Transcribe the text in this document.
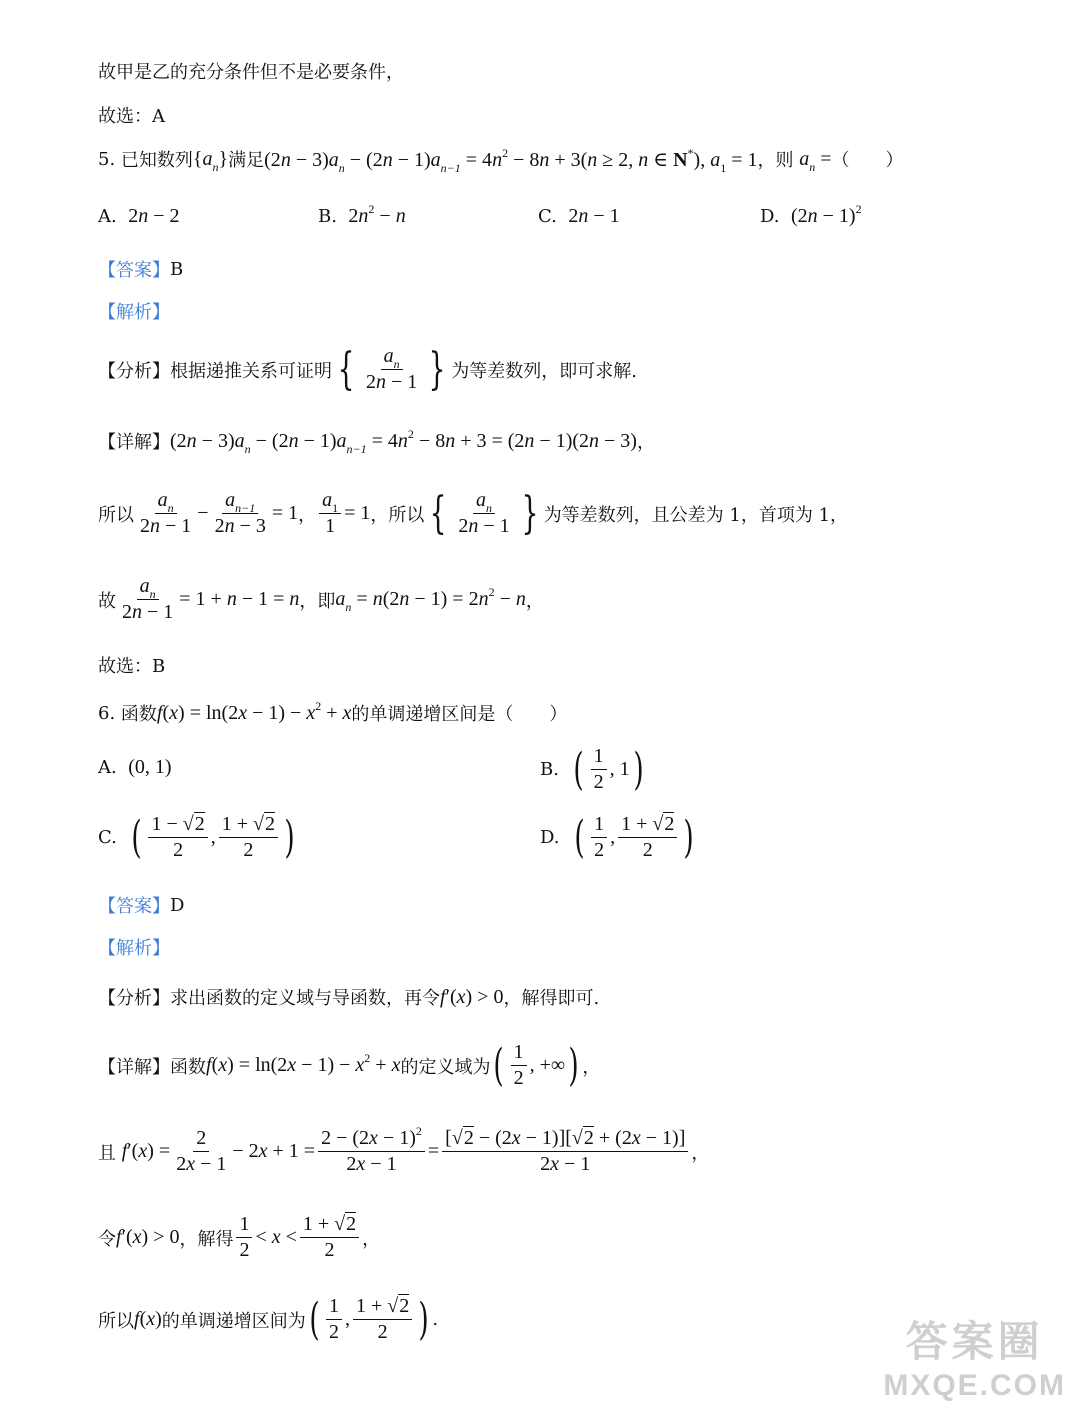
故甲是乙的充分条件但不是必要条件，
故选：A
5.
已知数列 $\{a_n\}$ 满足 $(2n - 3)a_n - (2n - 1)a_{n-1} = 4n^2 - 8n + 3(n \ge 2$, n ∈ N*), $a_1 = 1$ ，则
$a_n$ = （　　）
A.
2n − 2	B.
$2n^2 - n$	C.
2n − 1	D.
$(2n - 1)^2$
【答案】 B
【解析】
【分析】 根据递推关系可证明 { $\frac{a_n}{2n - 1}$ } 为等差数列，即可求解.
【详解】 $(2n - 3)a_n - (2n - 1)a_{n-1} = 4n^2 - 8n + 3 = (2n - 1)(2n - 3)$ ，
所以 $\frac{a_n}{2n - 1} - \frac{a_{n-1}}{2n - 3} = 1$ ， $\frac{a_1}{1} = 1$ ， 所以 { $\frac{a_n}{2n - 1}$ } 为等差数列，且公差为 1，首项为 1，
故 $\frac{a_n}{2n - 1} = 1 + n - 1 = n$ ，即 $a_n = n(2n - 1) = 2n^2 - n$ ，
故选：B
6.
函数 $f(x) = \ln(2x - 1) - x^2 + x$ 的单调递增区间是（　　）
A.
(0, 1)	B.
( $\frac{1}{2}$ , 1 )
C.
( $\frac{1 - √2}{2}$ , $\frac{1 + √2}{2}$ )	D.
( $\frac{1}{2}$ , $\frac{1 + √2}{2}$ )
【答案】 D
【解析】
【分析】 求出函数的定义域与导函数，再令 f′(x) > 0 ，解得即可.
【详解】 函数 $f(x) = \ln(2x - 1) - x^2 + x$ 的定义域为 ( $\frac{1}{2}$ , +∞ ) ，
且
$f'(x) = \frac{2}{2x - 1} - 2x + 1 = \frac{2 - (2x - 1)^2}{2x - 1} = \frac{[√2 - (2x - 1)][√2 + (2x - 1)]}{2x - 1}$ ，
令 f′(x) > 0 ，解得 $\frac{1}{2} < x < \frac{1 + √2}{2}$ ，
所以 f(x) 的单调递增区间为 ( $\frac{1}{2}$ , $\frac{1 + √2}{2}$ ) .	答案圈
MXQE.COM
